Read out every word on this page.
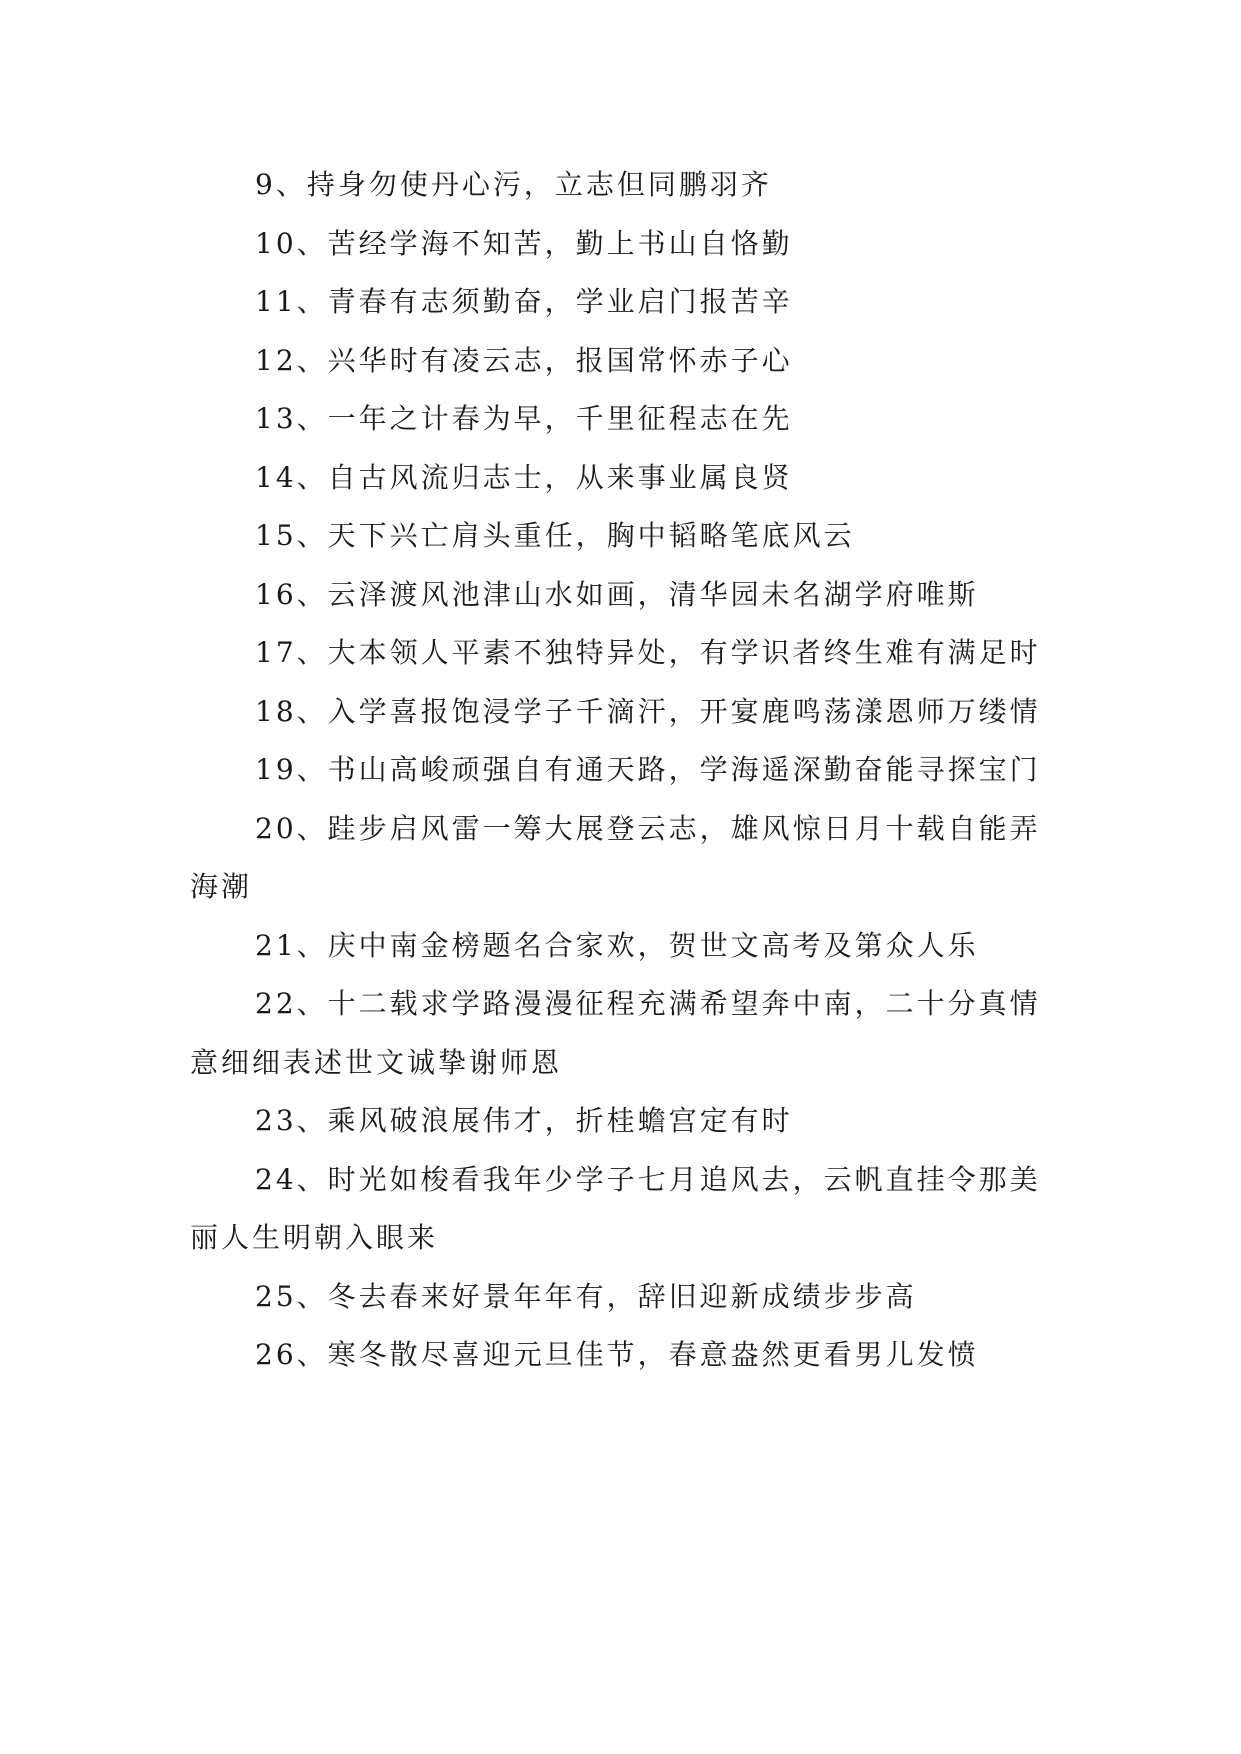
9、持身勿使丹心污，立志但同鹏羽齐

10、苦经学海不知苦，勤上书山自恪勤

11、青春有志须勤奋，学业启门报苦辛

12、兴华时有凌云志，报国常怀赤子心

13、一年之计春为早，千里征程志在先

14、自古风流归志士，从来事业属良贤

15、天下兴亡肩头重任，胸中韬略笔底风云

16、云泽渡风池津山水如画，清华园未名湖学府唯斯

17、大本领人平素不独特异处，有学识者终生难有满足时

18、入学喜报饱浸学子千滴汗，开宴鹿鸣荡漾恩师万缕情

19、书山高峻顽强自有通天路，学海遥深勤奋能寻探宝门

20、跬步启风雷一筹大展登云志，雄风惊日月十载自能弄海潮

21、庆中南金榜题名合家欢，贺世文高考及第众人乐

22、十二载求学路漫漫征程充满希望奔中南，二十分真情意细细表述世文诚挚谢师恩

23、乘风破浪展伟才，折桂蟾宫定有时

24、时光如梭看我年少学子七月追风去，云帆直挂令那美丽人生明朝入眼来

25、冬去春来好景年年有，辞旧迎新成绩步步高

26、寒冬散尽喜迎元旦佳节，春意盎然更看男儿发愤
